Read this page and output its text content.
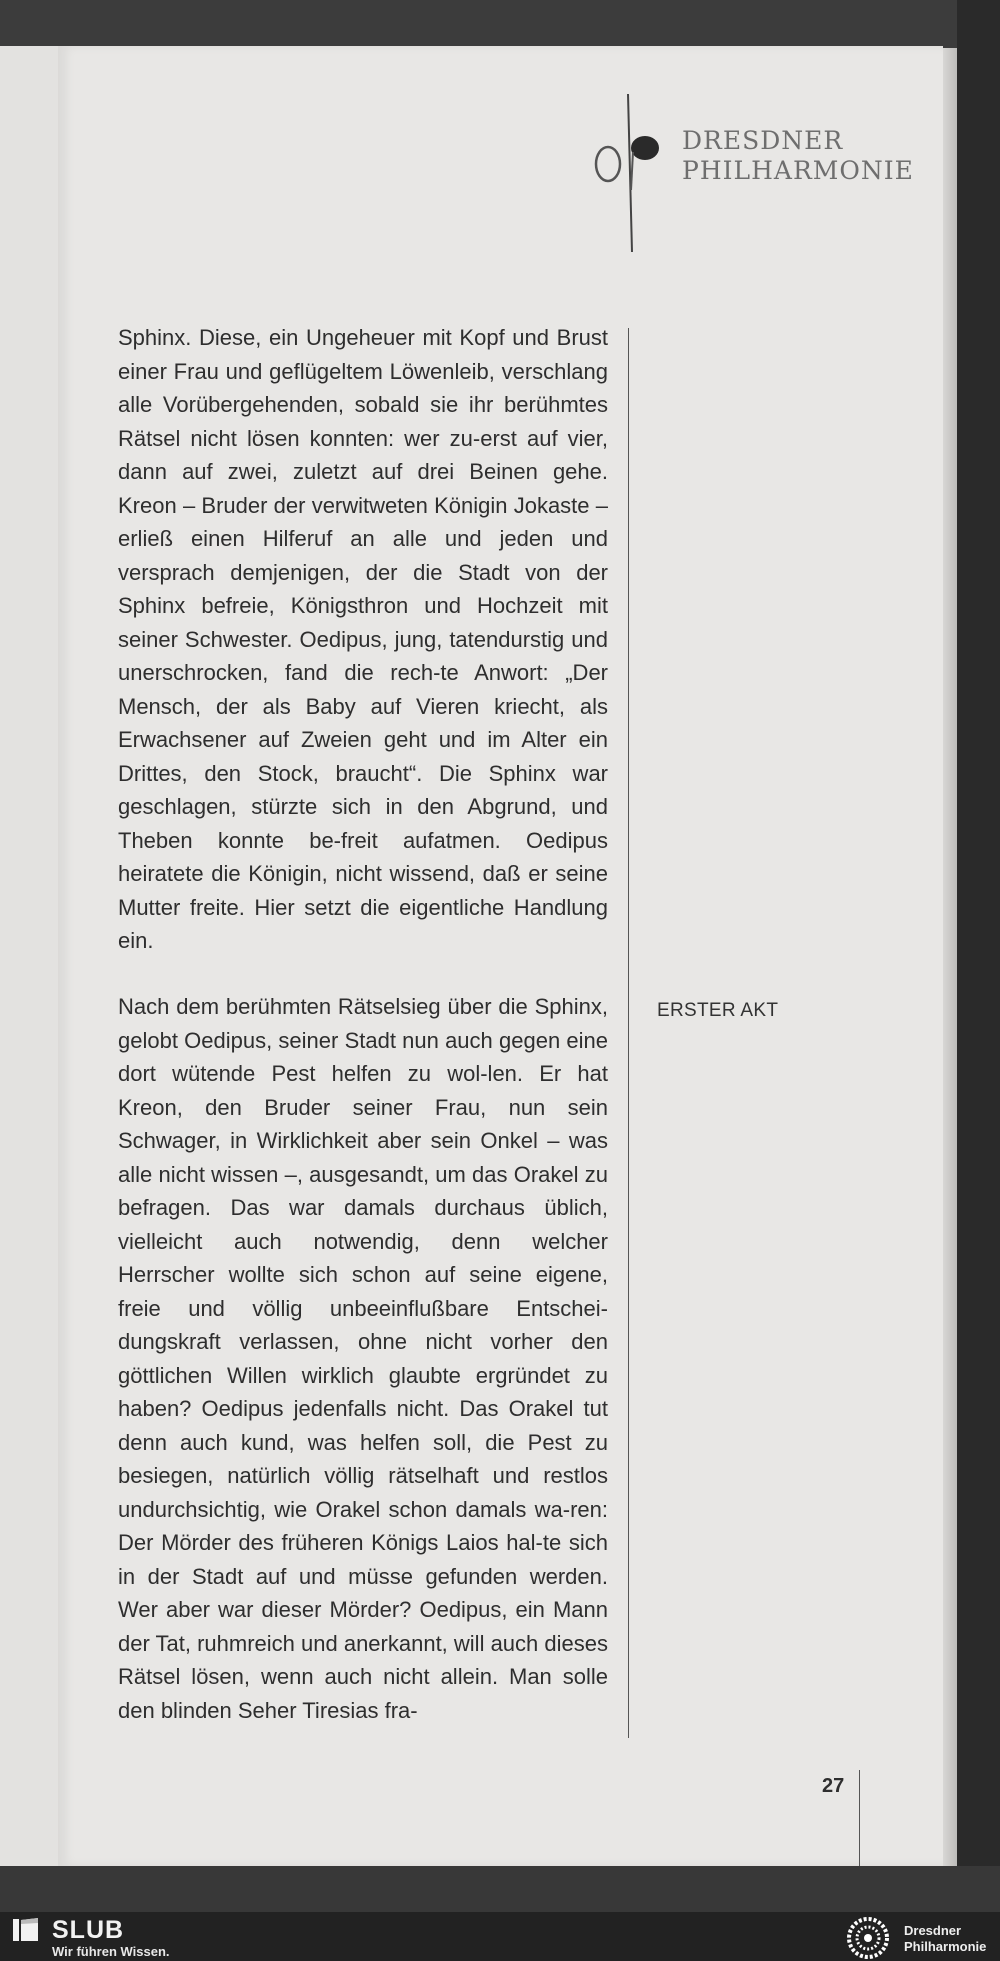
DRESDNER
PHILHARMONIE
Sphinx. Diese, ein Ungeheuer mit Kopf und Brust einer Frau und geflügeltem Löwenleib, verschlang alle Vorübergehenden, sobald sie ihr berühmtes Rätsel nicht lösen konnten: wer zu-erst auf vier, dann auf zwei, zuletzt auf drei Beinen gehe. Kreon – Bruder der verwitweten Königin Jokaste – erließ einen Hilferuf an alle und jeden und versprach demjenigen, der die Stadt von der Sphinx befreie, Königsthron und Hochzeit mit seiner Schwester. Oedipus, jung, tatendurstig und unerschrocken, fand die rech-te Anwort: „Der Mensch, der als Baby auf Vieren kriecht, als Erwachsener auf Zweien geht und im Alter ein Drittes, den Stock, braucht“. Die Sphinx war geschlagen, stürzte sich in den Abgrund, und Theben konnte be-freit aufatmen. Oedipus heiratete die Königin, nicht wissend, daß er seine Mutter freite. Hier setzt die eigentliche Handlung ein.
Nach dem berühmten Rätselsieg über die Sphinx, gelobt Oedipus, seiner Stadt nun auch gegen eine dort wütende Pest helfen zu wol-len. Er hat Kreon, den Bruder seiner Frau, nun sein Schwager, in Wirklichkeit aber sein Onkel – was alle nicht wissen –, ausgesandt, um das Orakel zu befragen. Das war damals durchaus üblich, vielleicht auch notwendig, denn welcher Herrscher wollte sich schon auf seine eigene, freie und völlig unbeeinflußbare Entschei-dungskraft verlassen, ohne nicht vorher den göttlichen Willen wirklich glaubte ergründet zu haben? Oedipus jedenfalls nicht. Das Orakel tut denn auch kund, was helfen soll, die Pest zu besiegen, natürlich völlig rätselhaft und restlos undurchsichtig, wie Orakel schon damals wa-ren: Der Mörder des früheren Königs Laios hal-te sich in der Stadt auf und müsse gefunden werden. Wer aber war dieser Mörder? Oedipus, ein Mann der Tat, ruhmreich und anerkannt, will auch dieses Rätsel lösen, wenn auch nicht allein. Man solle den blinden Seher Tiresias fra-
ERSTER AKT
27
SLUB
Wir führen Wissen.
Dresdner
Philharmonie
